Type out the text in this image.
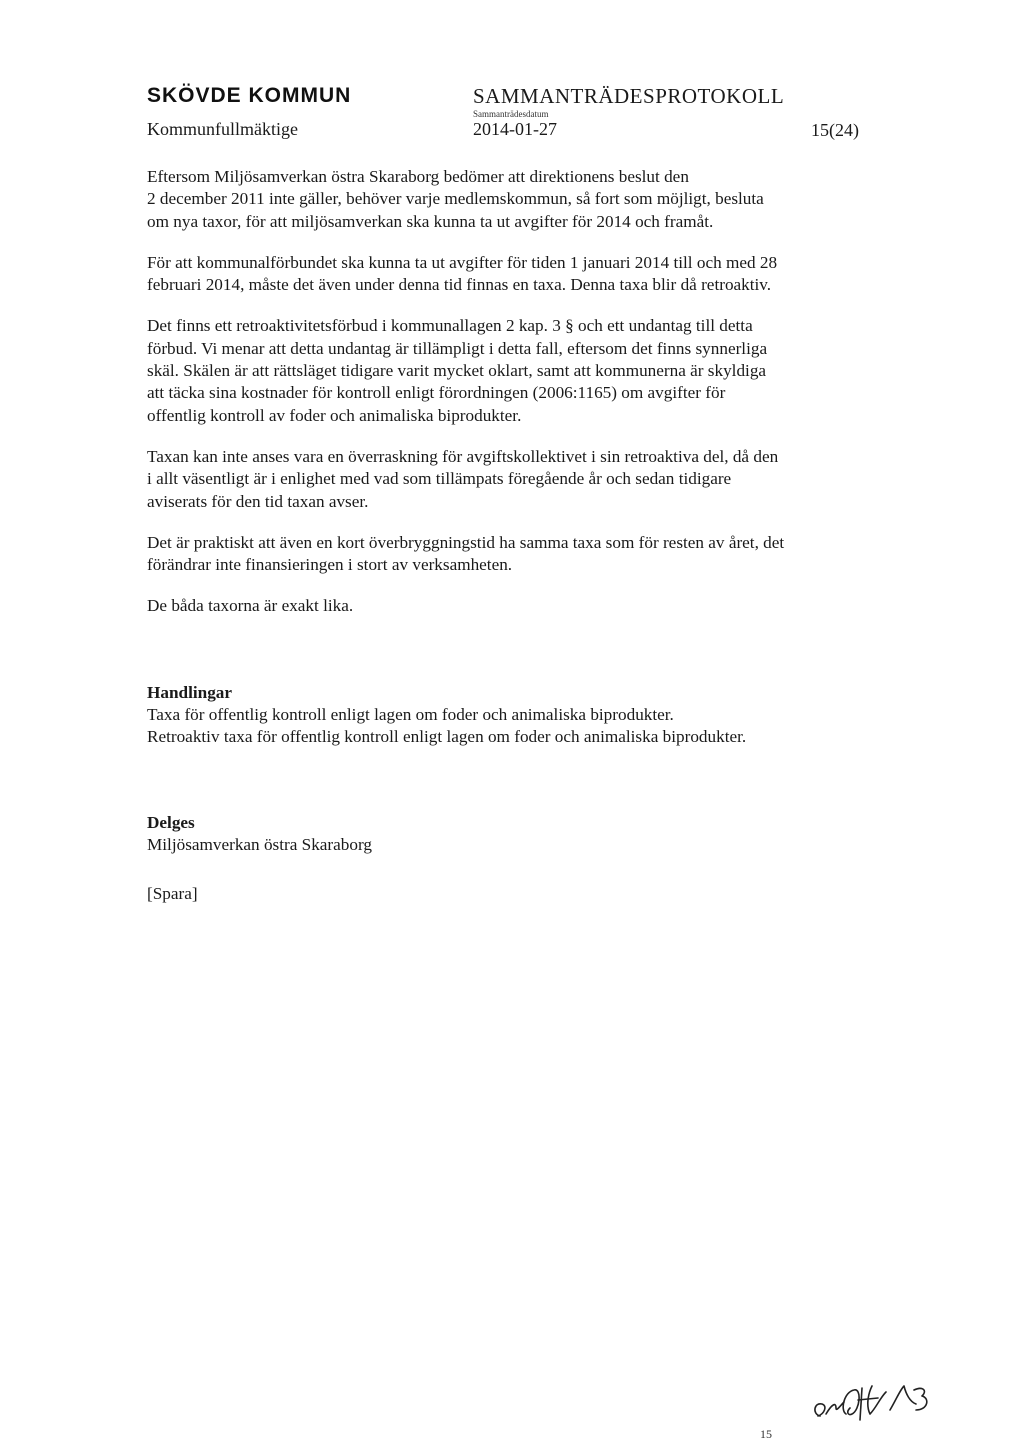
SKÖVDE KOMMUN	SAMMANTRÄDESPROTOKOLL
Sammanträdesdatum
Kommunfullmäktige	2014-01-27	15(24)

Eftersom Miljösamverkan östra Skaraborg bedömer att direktionens beslut den
2 december 2011 inte gäller, behöver varje medlemskommun, så fort som möjligt, besluta
om nya taxor, för att miljösamverkan ska kunna ta ut avgifter för 2014 och framåt.

För att kommunalförbundet ska kunna ta ut avgifter för tiden 1 januari 2014 till och med 28
februari 2014, måste det även under denna tid finnas en taxa. Denna taxa blir då retroaktiv.

Det finns ett retroaktivitetsförbud i kommunallagen 2 kap. 3 § och ett undantag till detta
förbud. Vi menar att detta undantag är tillämpligt i detta fall, eftersom det finns synnerliga
skäl. Skälen är att rättsläget tidigare varit mycket oklart, samt att kommunerna är skyldiga
att täcka sina kostnader för kontroll enligt förordningen (2006:1165) om avgifter för
offentlig kontroll av foder och animaliska biprodukter.

Taxan kan inte anses vara en överraskning för avgiftskollektivet i sin retroaktiva del, då den
i allt väsentligt är i enlighet med vad som tillämpats föregående år och sedan tidigare
aviserats för den tid taxan avser.

Det är praktiskt att även en kort överbryggningstid ha samma taxa som för resten av året, det
förändrar inte finansieringen i stort av verksamheten.

De båda taxorna är exakt lika.

Handlingar
Taxa för offentlig kontroll enligt lagen om foder och animaliska biprodukter.
Retroaktiv taxa för offentlig kontroll enligt lagen om foder och animaliska biprodukter.
Delges
Miljösamverkan östra Skaraborg
[Spara]
15
